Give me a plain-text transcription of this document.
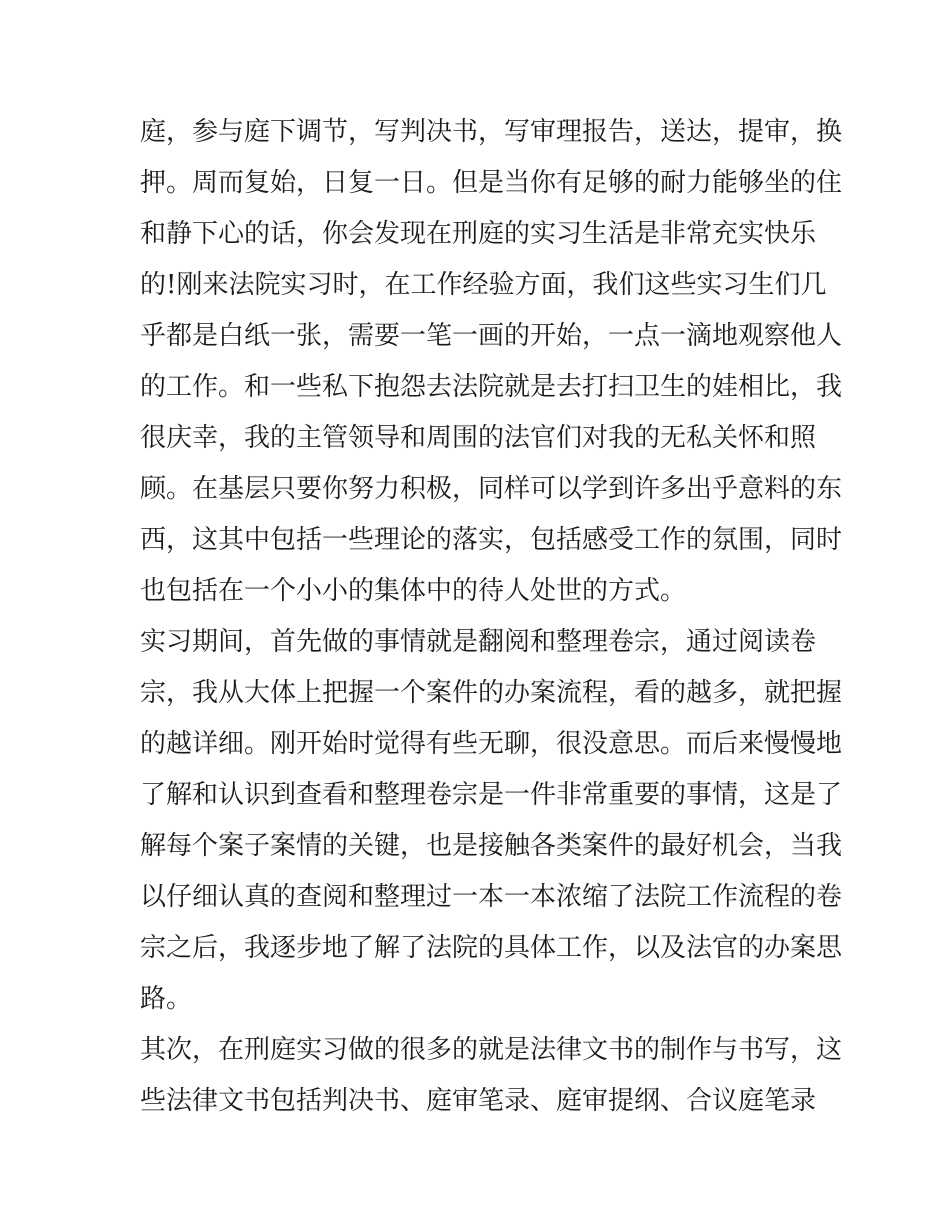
庭，参与庭下调节，写判决书，写审理报告，送达，提审，换
押。周而复始，日复一日。但是当你有足够的耐力能够坐的住
和静下心的话，你会发现在刑庭的实习生活是非常充实快乐
的!刚来法院实习时，在工作经验方面，我们这些实习生们几
乎都是白纸一张，需要一笔一画的开始，一点一滴地观察他人
的工作。和一些私下抱怨去法院就是去打扫卫生的娃相比，我
很庆幸，我的主管领导和周围的法官们对我的无私关怀和照
顾。在基层只要你努力积极，同样可以学到许多出乎意料的东
西，这其中包括一些理论的落实，包括感受工作的氛围，同时
也包括在一个小小的集体中的待人处世的方式。
实习期间，首先做的事情就是翻阅和整理卷宗，通过阅读卷
宗，我从大体上把握一个案件的办案流程，看的越多，就把握
的越详细。刚开始时觉得有些无聊，很没意思。而后来慢慢地
了解和认识到查看和整理卷宗是一件非常重要的事情，这是了
解每个案子案情的关键，也是接触各类案件的最好机会，当我
以仔细认真的查阅和整理过一本一本浓缩了法院工作流程的卷
宗之后，我逐步地了解了法院的具体工作，以及法官的办案思
路。
其次，在刑庭实习做的很多的就是法律文书的制作与书写，这
些法律文书包括判决书、庭审笔录、庭审提纲、合议庭笔录
